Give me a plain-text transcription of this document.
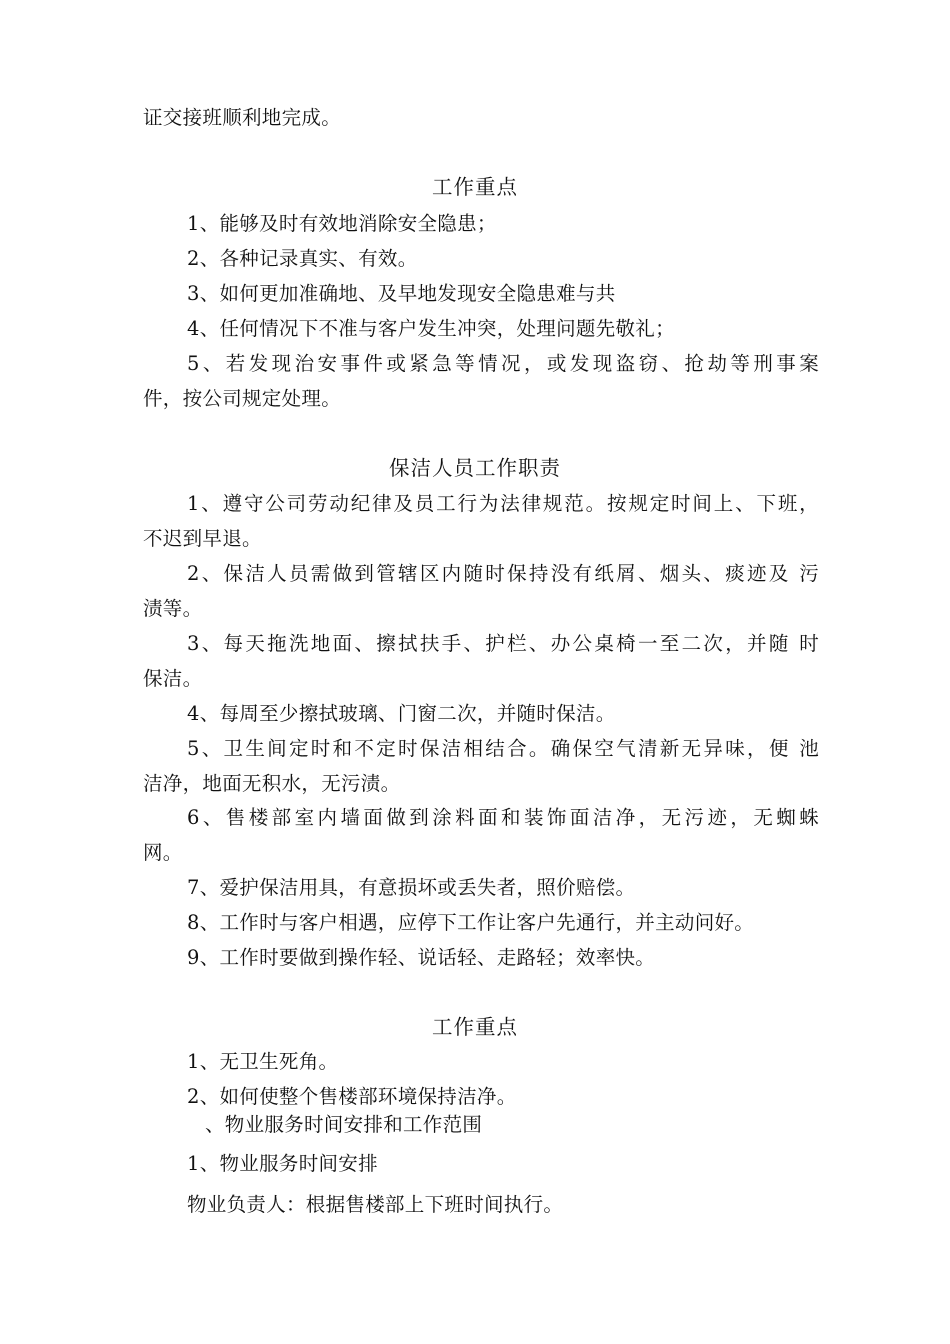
证交接班顺利地完成。
工作重点
1、能够及时有效地消除安全隐患；
2、各种记录真实、有效。
3、如何更加准确地、及早地发现安全隐患难与共
4、任何情况下不准与客户发生冲突，处理问题先敬礼；
5、若发现治安事件或紧急等情况，或发现盗窃、抢劫等刑事案
件，按公司规定处理。
保洁人员工作职责
1、遵守公司劳动纪律及员工行为法律规范。按规定时间上、下班，
不迟到早退。
2、保洁人员需做到管辖区内随时保持没有纸屑、烟头、痰迹及 污
渍等。
3、每天拖洗地面、擦拭扶手、护栏、办公桌椅一至二次，并随 时
保洁。
4、每周至少擦拭玻璃、门窗二次，并随时保洁。
5、卫生间定时和不定时保洁相结合。确保空气清新无异味，便 池
洁净，地面无积水，无污渍。
6、售楼部室内墙面做到涂料面和装饰面洁净，无污迹，无蜘蛛
网。
7、爱护保洁用具，有意损坏或丢失者，照价赔偿。
8、工作时与客户相遇，应停下工作让客户先通行，并主动问好。
9、工作时要做到操作轻、说话轻、走路轻；效率快。
工作重点
1、无卫生死角。
2、如何使整个售楼部环境保持洁净。
、物业服务时间安排和工作范围
1、物业服务时间安排
物业负责人：根据售楼部上下班时间执行。
